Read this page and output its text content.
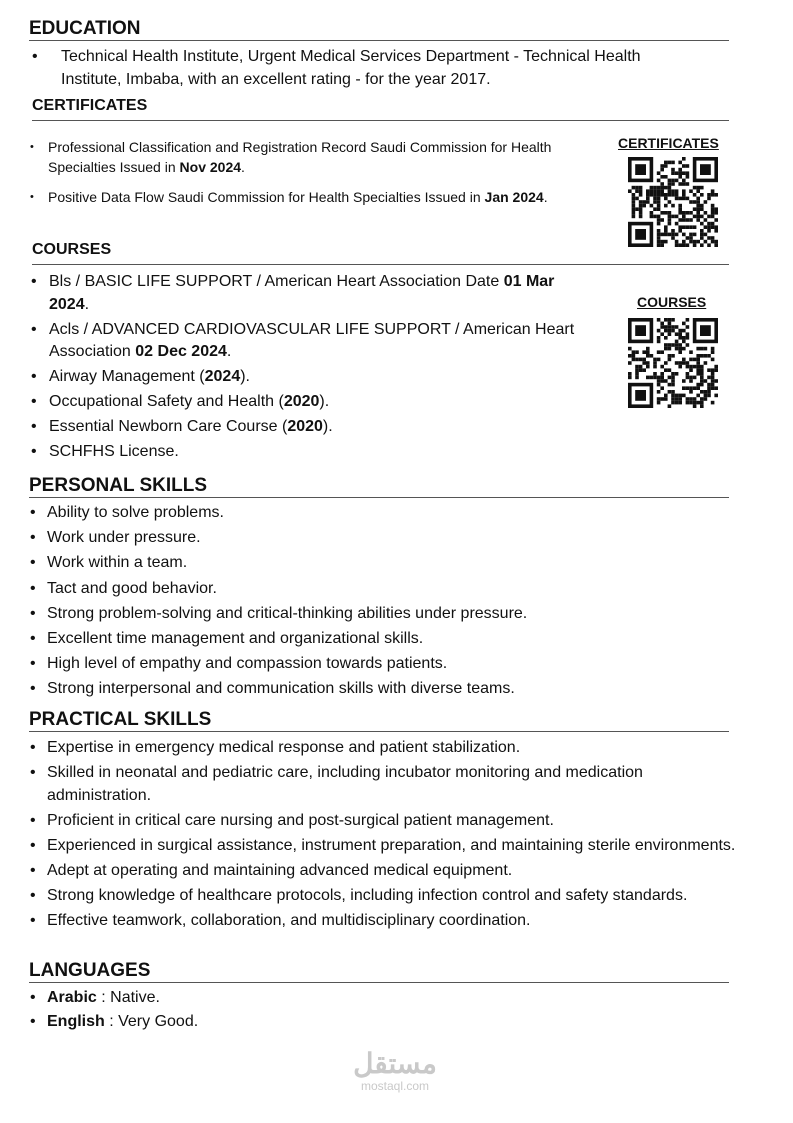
EDUCATION
• Technical Health Institute, Urgent Medical Services Department - Technical Health Institute, Imbaba, with an excellent rating - for the year 2017.
CERTIFICATES
• Professional Classification and Registration Record Saudi Commission for Health Specialties Issued in Nov 2024.
• Positive Data Flow Saudi Commission for Health Specialties Issued in Jan 2024.
CERTIFICATES
COURSES
• Bls / BASIC LIFE SUPPORT / American Heart Association Date 01 Mar 2024.
• Acls / ADVANCED CARDIOVASCULAR LIFE SUPPORT / American Heart Association 02 Dec 2024.
• Airway Management (2024).
• Occupational Safety and Health (2020).
• Essential Newborn Care Course (2020).
• SCHFHS License.
COURSES
PERSONAL SKILLS
• Ability to solve problems.
• Work under pressure.
• Work within a team.
• Tact and good behavior.
• Strong problem-solving and critical-thinking abilities under pressure.
• Excellent time management and organizational skills.
• High level of empathy and compassion towards patients.
• Strong interpersonal and communication skills with diverse teams.
PRACTICAL SKILLS
• Expertise in emergency medical response and patient stabilization.
• Skilled in neonatal and pediatric care, including incubator monitoring and medication administration.
• Proficient in critical care nursing and post-surgical patient management.
• Experienced in surgical assistance, instrument preparation, and maintaining sterile environments.
• Adept at operating and maintaining advanced medical equipment.
• Strong knowledge of healthcare protocols, including infection control and safety standards.
• Effective teamwork, collaboration, and multidisciplinary coordination.
LANGUAGES
• Arabic : Native.
• English : Very Good.
مستقل
mostaql.com
